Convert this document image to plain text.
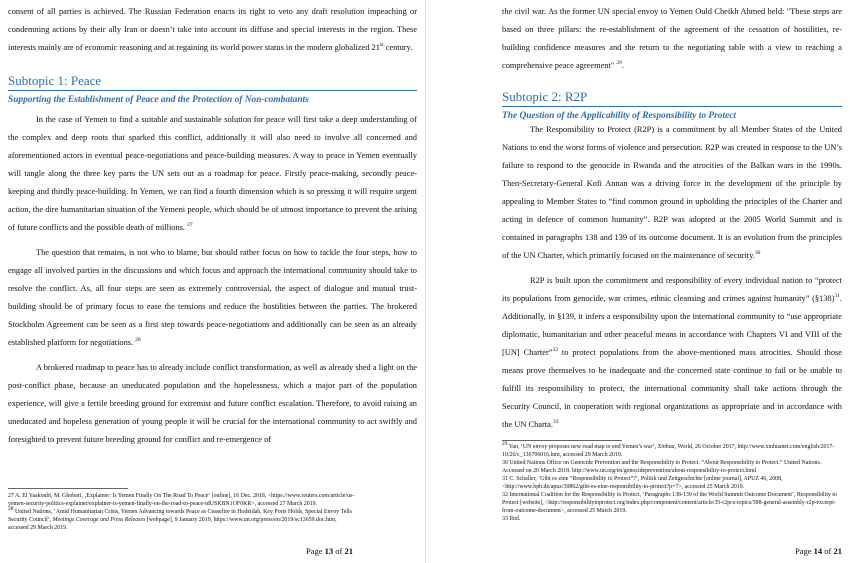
consent of all parties is achieved. The Russian Federation enacts its right to veto any draft resolution impeaching or condemning actions by their ally Iran or doesn’t take into account its diffuse and special interests in the region. These interests mainly are of economic reasoning and at regaining its world power status in the modern globalized 21st century.

Subtopic 1: Peace
Supporting the Establishment of Peace and the Protection of Non-combatants

In the case of Yemen to find a suitable and sustainable solution for peace will first take a deep understanding of the complex and deep roots that sparked this conflict, additionally it will also need to involve all concerned and aforementioned actors in eventual peace-negotiations and peace-building measures. A way to peace in Yemen eventually will tangle along the three key parts the UN sets out as a roadmap for peace. Firstly peace-making, secondly peace-keeping and thirdly peace-building. In Yemen, we can find a fourth dimension which is so pressing it will require urgent action, the dire humanitarian situation of the Yemeni people, which should be of utmost importance to prevent the arising of future conflicts and the possible death of millions. $^{27}$

The question that remains, is not who to blame, but should rather focus on how to tackle the four steps, how to engage all involved parties in the discussions and which focus and approach the international community should take to resolve the conflict. As, all four steps are seen as extremely controversial, the aspect of dialogue and mutual trust-building should be of primary focus to ease the tensions and reduce the hostilities between the parties. The brokered Stockholm Agreement can be seen as a first step towards peace-negotiations and additionally can be seen as an already established platform for negotiations. $^{28}$

A brokered roadmap to peace has to already include conflict transformation, as well as already shed a light on the post-conflict phase, because an uneducated population and the hopelessness, which a major part of the population experience, will give a fertile breeding ground for extremist and future conflict escalation. Therefore, to avoid raising an uneducated and hopeless generation of young people it will be crucial for the international community to act swiftly and foresighted to prevent future breeding ground for conflict and re-emergence of

27 A. El Yaakoubi, M. Ghobari, ‚Explainer: Is Yemen Finally On The Road To Peace‘ [online], 16 Dec. 2018, <https://www.reuters.com/article/us-yemen-security-politics-explainer/explainer-is-yemen-finally-on-the-road-to-peace-idUSKBN1OF0KR>, accessed 27 March 2019.

$^{28}$ United Nations, ‘Amid Humanitarian Crisis, Yemen Advancing towards Peace as Ceasefire in Hodeidah, Key Ports Holds, Special Envoy Tells Security Council’, Meetings Coverage and Press Releases [webpage], 9 January 2019, https://www.un.org/press/en/2019/sc13659.doc.htm, accessed 29 March 2019.

Page 13 of 21

the civil war. As the former UN special envoy to Yemen Ould Cheikh Ahmed held: "These steps are based on three pillars: the re-establishment of the agreement of the cessation of hostilities, re-building confidence measures and the return to the negotiating table with a view to reaching a comprehensive peace agreement" $^{29}$.

Subtopic 2: R2P
The Question of the Applicability of Responsibility to Protect

The Responsibility to Protect (R2P) is a commitment by all Member States of the United Nations to end the worst forms of violence and persecution. R2P was created in response to the UN’s failure to respond to the genocide in Rwanda and the atrocities of the Balkan wars in the 1990s. Then-Secretary-General Kofi Annan was a driving force in the development of the principle by appealing to Member States to “find common ground in upholding the principles of the Charter and acting in defence of common humanity”. R2P was adopted at the 2005 World Summit and is contained in paragraphs 138 and 139 of its outcome document. It is an evolution from the principles of the UN Charter, which primarily focused on the maintenance of security.$^{30}$

R2P is built upon the commitment and responsibility of every individual nation to “protect its populations from genocide, war crimes, ethnic cleansing and crimes against humanity” (§138)$^{31}$. Additionally, in §139, it infers a responsibility upon the international community to “use appropriate diplomatic, humanitarian and other peaceful means in accordance with Chapters VI and VIII of the [UN] Charter”$^{32}$ to protect populations from the above-mentioned mass atrocities. Should those means prove themselves to be inadequate and the concerned state continue to fail or be unable to fulfill its responsibility to protect, the international community shall take actions through the Security Council, in cooperation with regional organizations as appropriate and in accordance with the UN Charta.$^{33}$

$^{29}$ Yan, ‘UN envoy proposes new road map to end Yemen’s war’, Xinhua, World, 26 October 2017, http://www.xinhuanet.com/english/2017-10/26/c_136706016.htm, accessed 29 March 2019.

30 United Nations Office on Genocide Prevention and the Responsibility to Protect. “About Responsibility to Protect.” United Nations. Accessed on 20 March 2018. http://www.un.org/en/genocideprevention/about-responsibility-to-protect.html

31 C. Schaller, ‘Gibt es eine “Responsibility to Protect”?’, Politik und Zeitgeschichte [online journal], APUZ 46, 2008, <http://www.bpb.de/apuz/30862/gibt-es-eine-responsibility-to-protect?p=7>, accessed 25 March 2019.

32 International Coalition for the Responsibility to Protect, ‘Paragraphs 138-139 of the World Summit Outcome Document’, Responsibility to Protect [website], <http://responsibilitytoprotect.org/index.php/component/content/article/35-r2pcs-topics/398-general-assembly-r2p-excerpt-from-outcome-document>, accessed 25 March 2019.

33 Ibid.

Page 14 of 21
